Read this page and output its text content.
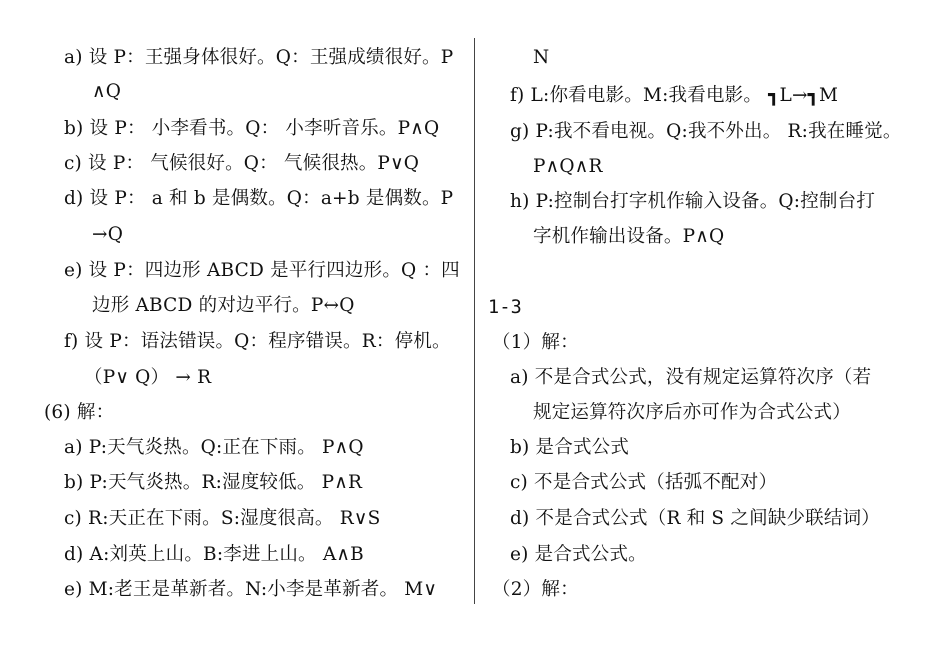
a) 设 P：王强身体很好。Q：王强成绩很好。P
∧Q
b) 设 P： 小李看书。Q： 小李听音乐。P∧Q
c) 设 P： 气候很好。Q： 气候很热。P∨Q
d) 设 P： a 和 b 是偶数。Q：a+b 是偶数。P
→Q
e) 设 P：四边形 ABCD 是平行四边形。Q ：四
边形 ABCD 的对边平行。P↔Q
f) 设 P：语法错误。Q：程序错误。R：停机。
（P∨ Q） → R
(6) 解：
a) P:天气炎热。Q:正在下雨。 P∧Q
b) P:天气炎热。R:湿度较低。 P∧R
c) R:天正在下雨。S:湿度很高。 R∨S
d) A:刘英上山。B:李进上山。 A∧B
e) M:老王是革新者。N:小李是革新者。 M∨
N
f) L:你看电影。M:我看电影。 ┓L→┓M
g) P:我不看电视。Q:我不外出。 R:我在睡觉。
P∧Q∧R
h) P:控制台打字机作输入设备。Q:控制台打
字机作输出设备。P∧Q
1-3
（1）解：
a) 不是合式公式，没有规定运算符次序（若
规定运算符次序后亦可作为合式公式）
b) 是合式公式
c) 不是合式公式（括弧不配对）
d) 不是合式公式（R 和 S 之间缺少联结词）
e) 是合式公式。
（2）解：
